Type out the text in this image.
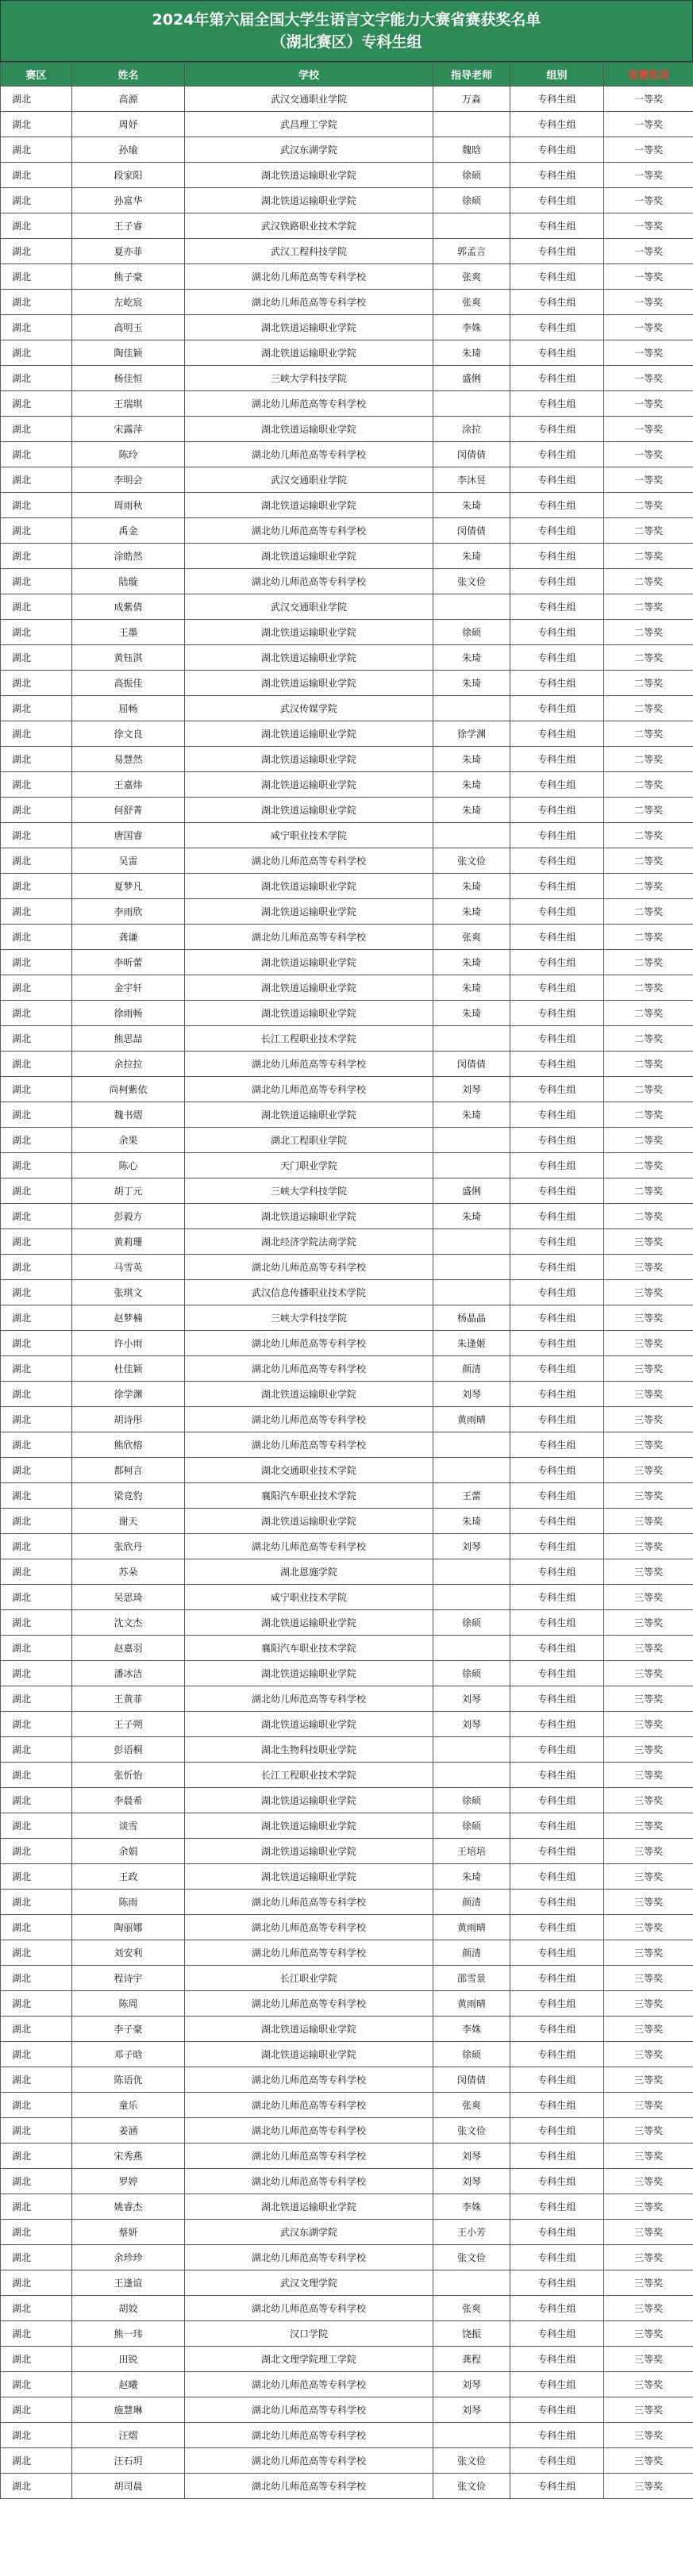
2024年第六届全国大学生语言文字能力大赛省赛获奖名单
（湖北赛区）专科生组
赛区	姓名	学校	指导老师	组别	省赛奖项
湖北	高源	武汉交通职业学院	万淼	专科生组	一等奖
湖北	周妤	武昌理工学院		专科生组	一等奖
湖北	孙瑜	武汉东湖学院	魏晗	专科生组	一等奖
湖北	段家阳	湖北铁道运输职业学院	徐硕	专科生组	一等奖
湖北	孙富华	湖北铁道运输职业学院	徐硕	专科生组	一等奖
湖北	王子睿	武汉铁路职业技术学院		专科生组	一等奖
湖北	夏亦菲	武汉工程科技学院	郭孟言	专科生组	一等奖
湖北	熊子豪	湖北幼儿师范高等专科学校	张爽	专科生组	一等奖
湖北	左屹宸	湖北幼儿师范高等专科学校	张爽	专科生组	一等奖
湖北	高明玉	湖北铁道运输职业学院	李姝	专科生组	一等奖
湖北	陶佳颖	湖北铁道运输职业学院	朱琦	专科生组	一等奖
湖北	杨佳恒	三峡大学科技学院	盛俐	专科生组	一等奖
湖北	王瑞琪	湖北幼儿师范高等专科学校		专科生组	一等奖
湖北	宋露萍	湖北铁道运输职业学院	涂拉	专科生组	一等奖
湖北	陈玲	湖北幼儿师范高等专科学校	闵倩倩	专科生组	一等奖
湖北	李明会	武汉交通职业学院	李沐昱	专科生组	一等奖
湖北	周雨秋	湖北铁道运输职业学院	朱琦	专科生组	二等奖
湖北	禹金	湖北幼儿师范高等专科学校	闵倩倩	专科生组	二等奖
湖北	涂皓然	湖北铁道运输职业学院	朱琦	专科生组	二等奖
湖北	陆璇	湖北幼儿师范高等专科学校	张文俭	专科生组	二等奖
湖北	成紫倩	武汉交通职业学院		专科生组	二等奖
湖北	王墨	湖北铁道运输职业学院	徐硕	专科生组	二等奖
湖北	黄钰淇	湖北铁道运输职业学院	朱琦	专科生组	二等奖
湖北	高振佳	湖北铁道运输职业学院	朱琦	专科生组	二等奖
湖北	屈畅	武汉传媒学院		专科生组	二等奖
湖北	徐文良	湖北铁道运输职业学院	徐学渊	专科生组	二等奖
湖北	易慧然	湖北铁道运输职业学院	朱琦	专科生组	二等奖
湖北	王嘉炜	湖北铁道运输职业学院	朱琦	专科生组	二等奖
湖北	何舒菁	湖北铁道运输职业学院	朱琦	专科生组	二等奖
湖北	唐国睿	咸宁职业技术学院		专科生组	二等奖
湖北	吴雷	湖北幼儿师范高等专科学校	张文俭	专科生组	二等奖
湖北	夏梦凡	湖北铁道运输职业学院	朱琦	专科生组	二等奖
湖北	李雨欣	湖北铁道运输职业学院	朱琦	专科生组	二等奖
湖北	龚谦	湖北幼儿师范高等专科学校	张爽	专科生组	二等奖
湖北	李昕蕾	湖北铁道运输职业学院	朱琦	专科生组	二等奖
湖北	金宇轩	湖北铁道运输职业学院	朱琦	专科生组	二等奖
湖北	徐雨畅	湖北铁道运输职业学院	朱琦	专科生组	二等奖
湖北	熊思喆	长江工程职业技术学院		专科生组	二等奖
湖北	余拉拉	湖北幼儿师范高等专科学校	闵倩倩	专科生组	二等奖
湖北	尚柯紫依	湖北幼儿师范高等专科学校	刘琴	专科生组	二等奖
湖北	魏书熠	湖北铁道运输职业学院	朱琦	专科生组	二等奖
湖北	余果	湖北工程职业学院		专科生组	二等奖
湖北	陈心	天门职业学院		专科生组	二等奖
湖北	胡丁元	三峡大学科技学院	盛俐	专科生组	二等奖
湖北	彭毅方	湖北铁道运输职业学院	朱琦	专科生组	二等奖
湖北	黄莉珊	湖北经济学院法商学院		专科生组	三等奖
湖北	马雪英	湖北幼儿师范高等专科学校		专科生组	三等奖
湖北	张琪文	武汉信息传播职业技术学院		专科生组	三等奖
湖北	赵梦楠	三峡大学科技学院	杨晶晶	专科生组	三等奖
湖北	许小雨	湖北幼儿师范高等专科学校	朱逢姬	专科生组	三等奖
湖北	杜佳颖	湖北幼儿师范高等专科学校	颜清	专科生组	三等奖
湖北	徐学渊	湖北铁道运输职业学院	刘琴	专科生组	三等奖
湖北	胡诗彤	湖北幼儿师范高等专科学校	黄雨晴	专科生组	三等奖
湖北	熊欣榕	湖北幼儿师范高等专科学校		专科生组	三等奖
湖北	都柯言	湖北交通职业技术学院		专科生组	三等奖
湖北	梁竞豹	襄阳汽车职业技术学院	王蕾	专科生组	三等奖
湖北	谢天	湖北铁道运输职业学院	朱琦	专科生组	三等奖
湖北	张欣丹	湖北幼儿师范高等专科学校	刘琴	专科生组	三等奖
湖北	苏朵	湖北恩施学院		专科生组	三等奖
湖北	吴思琦	咸宁职业技术学院		专科生组	三等奖
湖北	沈文杰	湖北铁道运输职业学院	徐硕	专科生组	三等奖
湖北	赵嘉羽	襄阳汽车职业技术学院		专科生组	三等奖
湖北	潘冰洁	湖北铁道运输职业学院	徐硕	专科生组	三等奖
湖北	王黄菲	湖北幼儿师范高等专科学校	刘琴	专科生组	三等奖
湖北	王子朔	湖北铁道运输职业学院	刘琴	专科生组	三等奖
湖北	彭语桐	湖北生物科技职业学院		专科生组	三等奖
湖北	张忻怡	长江工程职业技术学院		专科生组	三等奖
湖北	李晨希	湖北铁道运输职业学院	徐硕	专科生组	三等奖
湖北	谈雪	湖北铁道运输职业学院	徐硕	专科生组	三等奖
湖北	余娟	湖北铁道运输职业学院	王培培	专科生组	三等奖
湖北	王政	湖北铁道运输职业学院	朱琦	专科生组	三等奖
湖北	陈雨	湖北幼儿师范高等专科学校	颜清	专科生组	三等奖
湖北	陶丽娜	湖北幼儿师范高等专科学校	黄雨晴	专科生组	三等奖
湖北	刘安利	湖北幼儿师范高等专科学校	颜清	专科生组	三等奖
湖北	程诗宇	长江职业学院	邵雪景	专科生组	三等奖
湖北	陈周	湖北幼儿师范高等专科学校	黄雨晴	专科生组	三等奖
湖北	李子豪	湖北铁道运输职业学院	李姝	专科生组	三等奖
湖北	邓子晗	湖北铁道运输职业学院	徐硕	专科生组	三等奖
湖北	陈语优	湖北幼儿师范高等专科学校	闵倩倩	专科生组	三等奖
湖北	童乐	湖北幼儿师范高等专科学校	张爽	专科生组	三等奖
湖北	姜涵	湖北幼儿师范高等专科学校	张文俭	专科生组	三等奖
湖北	宋秀燕	湖北幼儿师范高等专科学校	刘琴	专科生组	三等奖
湖北	罗婷	湖北幼儿师范高等专科学校	刘琴	专科生组	三等奖
湖北	姚睿杰	湖北铁道运输职业学院	李姝	专科生组	三等奖
湖北	蔡妍	武汉东湖学院	王小芳	专科生组	三等奖
湖北	余珍珍	湖北幼儿师范高等专科学校	张文俭	专科生组	三等奖
湖北	王逢谊	武汉文理学院		专科生组	三等奖
湖北	胡姣	湖北幼儿师范高等专科学校	张爽	专科生组	三等奖
湖北	熊一玮	汉口学院	饶振	专科生组	三等奖
湖北	田锐	湖北文理学院理工学院	龚程	专科生组	三等奖
湖北	赵曦	湖北幼儿师范高等专科学校	刘琴	专科生组	三等奖
湖北	施慧琳	湖北幼儿师范高等专科学校	刘琴	专科生组	三等奖
湖北	汪熠	湖北幼儿师范高等专科学校		专科生组	三等奖
湖北	汪石玥	湖北幼儿师范高等专科学校	张文俭	专科生组	三等奖
湖北	胡司晨	湖北幼儿师范高等专科学校	张文俭	专科生组	三等奖
